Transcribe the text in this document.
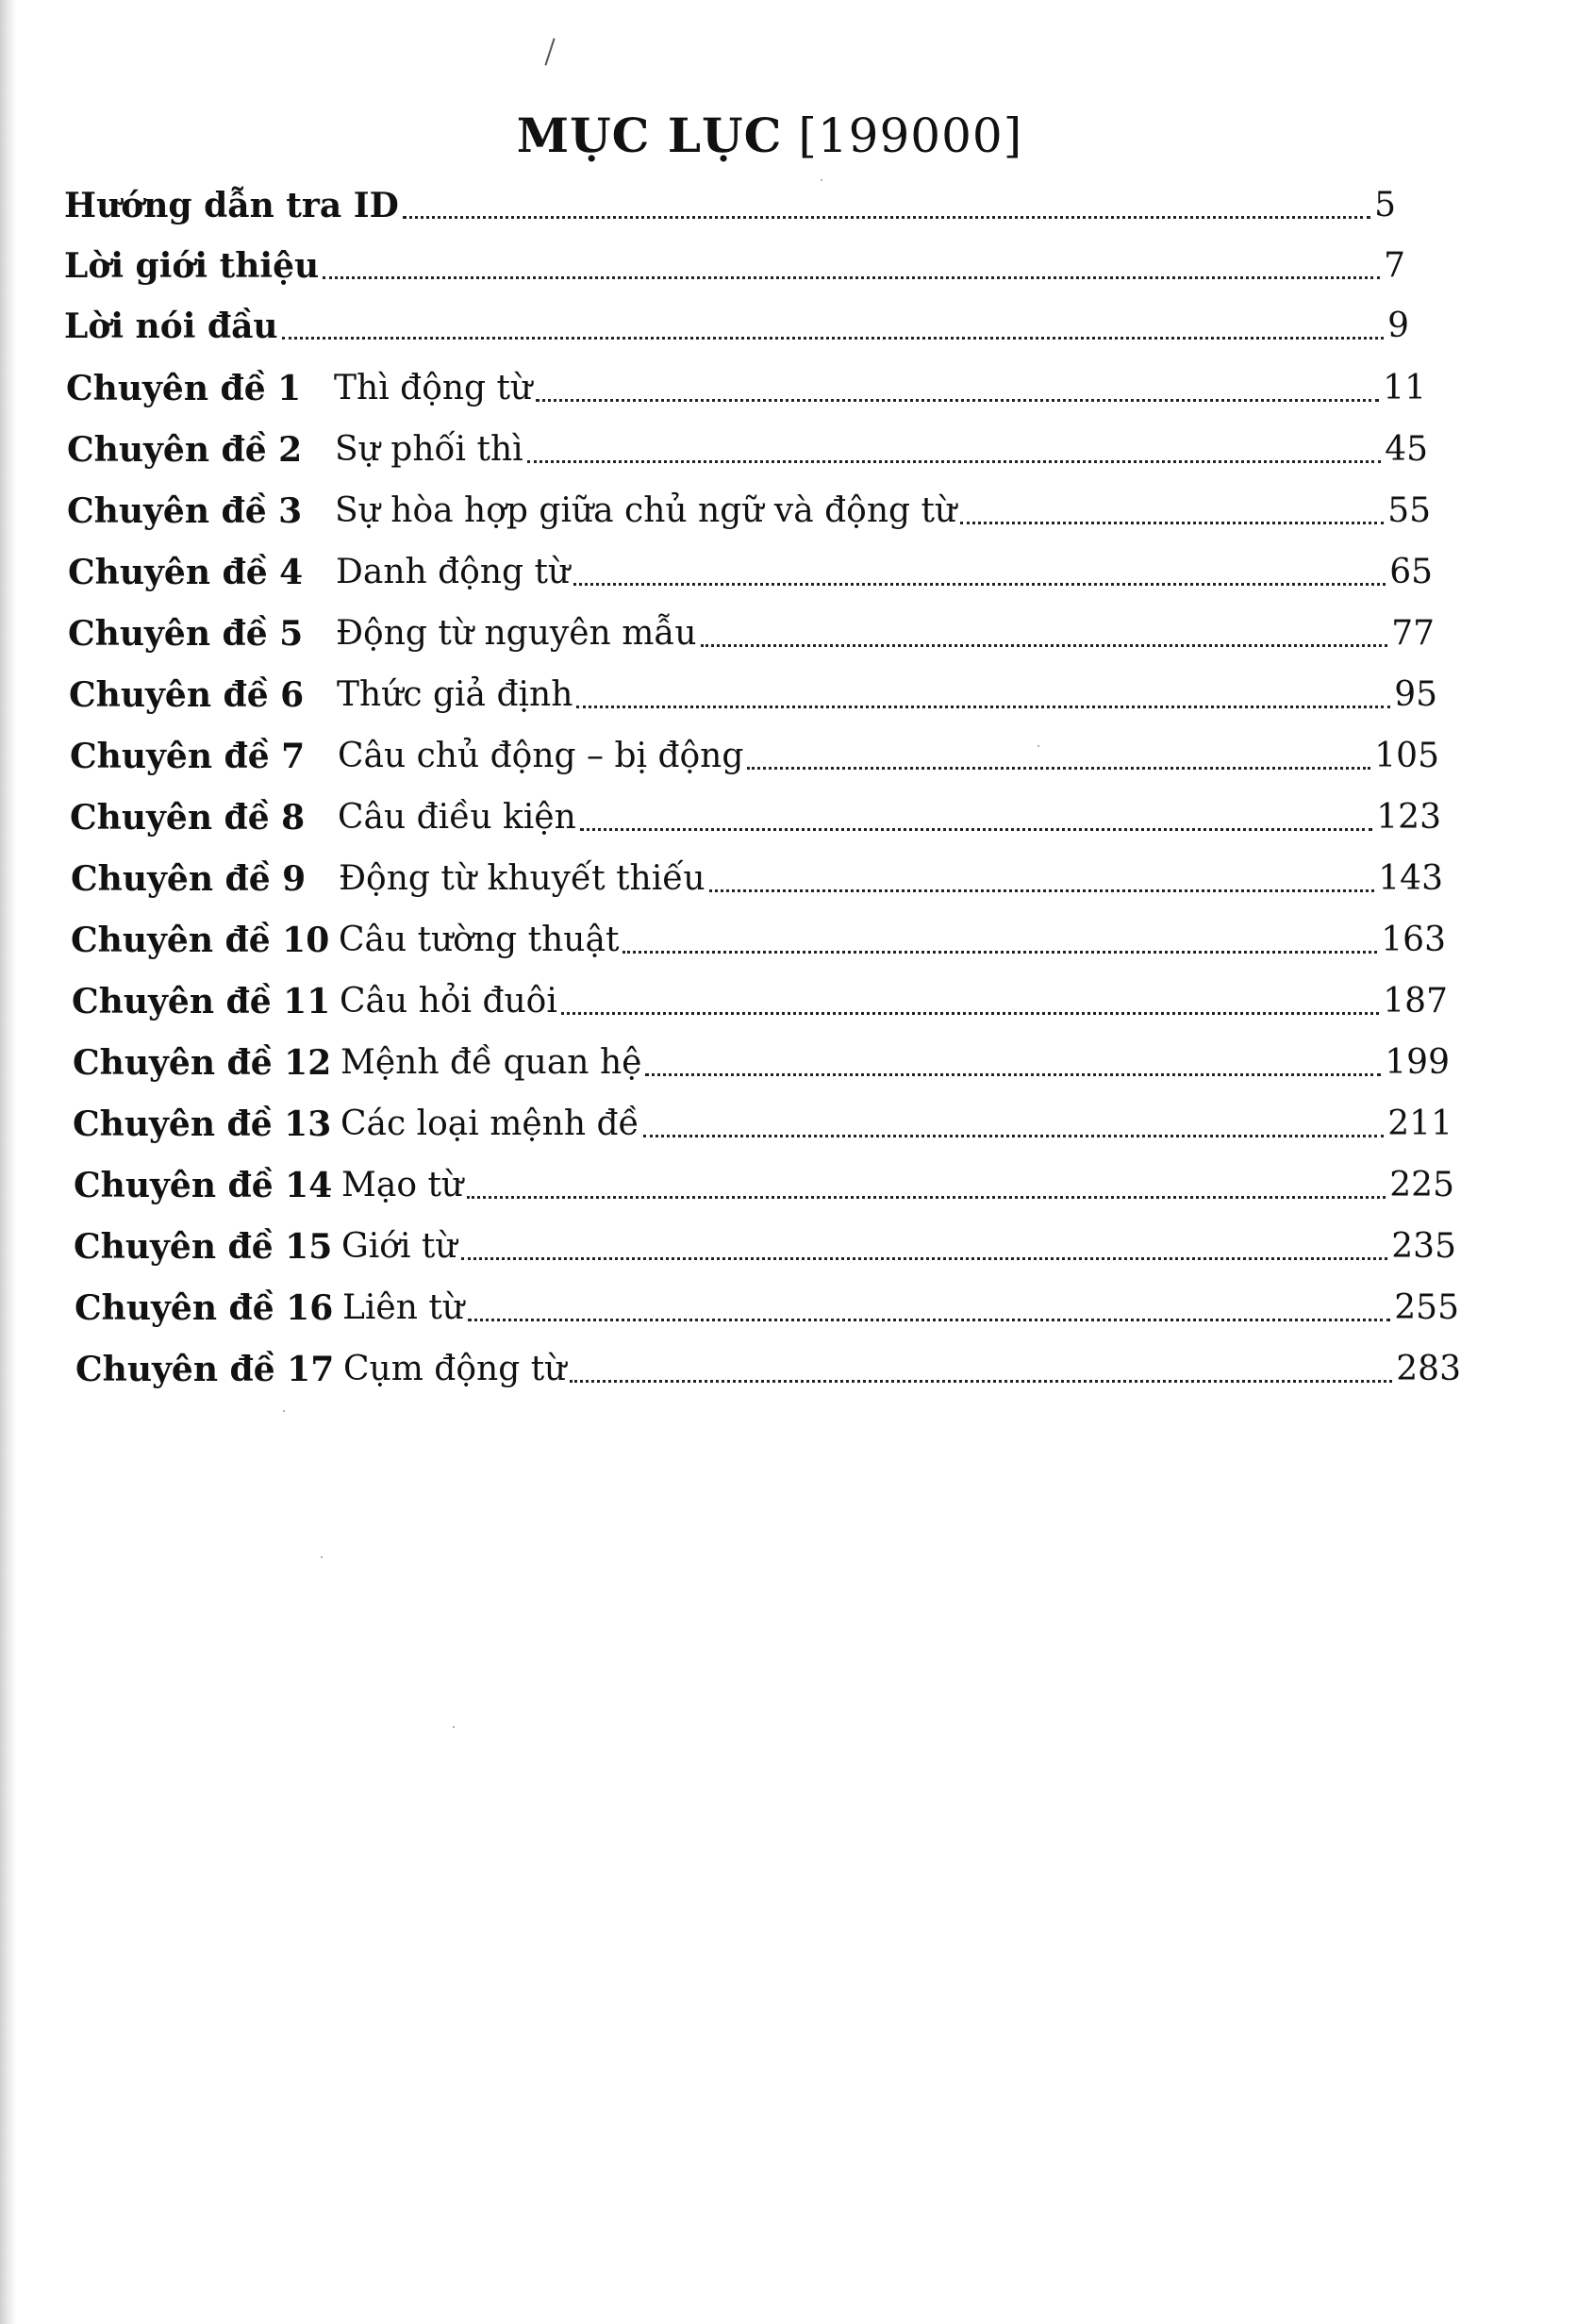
MỤC LỤC [199000]
Hướng dẫn tra ID	5
Lời giới thiệu	7
Lời nói đầu	9
Chuyên đề 1 Thì động từ	11
Chuyên đề 2 Sự phối thì	45
Chuyên đề 3 Sự hòa hợp giữa chủ ngữ và động từ	55
Chuyên đề 4 Danh động từ	65
Chuyên đề 5 Động từ nguyên mẫu	77
Chuyên đề 6 Thức giả định	95
Chuyên đề 7 Câu chủ động – bị động	105
Chuyên đề 8 Câu điều kiện	123
Chuyên đề 9 Động từ khuyết thiếu	143
Chuyên đề 10 Câu tường thuật	163
Chuyên đề 11 Câu hỏi đuôi	187
Chuyên đề 12 Mệnh đề quan hệ	199
Chuyên đề 13 Các loại mệnh đề	211
Chuyên đề 14 Mạo từ	225
Chuyên đề 15 Giới từ	235
Chuyên đề 16 Liên từ	255
Chuyên đề 17 Cụm động từ	283
